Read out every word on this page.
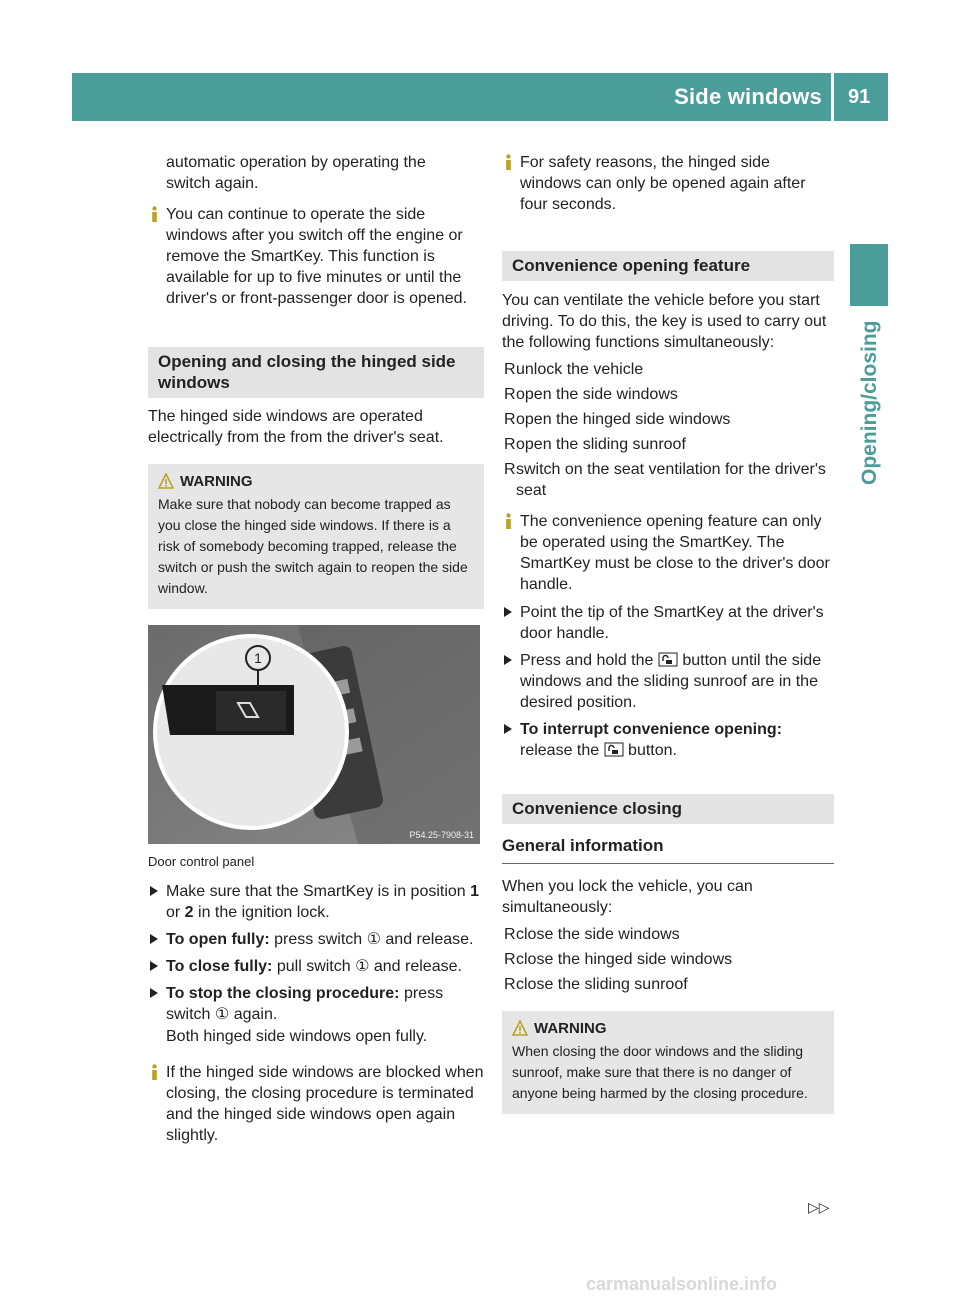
Side windows 91
Opening/closing

automatic operation by operating the

switch again.

You can continue to operate the side windows after you switch off the engine or remove the SmartKey. This function is available for up to five minutes or until the driver's or front-passenger door is opened.
Opening and closing the hinged side windows

The hinged side windows are operated electrically from the from the driver's seat.

WARNING
Make sure that nobody can become trapped as you close the hinged side windows. If there is a risk of somebody becoming trapped, release the switch or push the switch again to reopen the side window.
1
P54.25-7908-31
Door control panel
Make sure that the SmartKey is in position 1 or 2 in the ignition lock.
To open fully: press switch ① and release.
To close fully: pull switch ① and release.
To stop the closing procedure: press switch ① again.

Both hinged side windows open fully.

If the hinged side windows are blocked when closing, the closing procedure is terminated and the hinged side windows open again slightly.
For safety reasons, the hinged side windows can only be opened again after four seconds.
Convenience opening feature

You can ventilate the vehicle before you start driving. To do this, the key is used to carry out the following functions simultaneously:

R unlock the vehicle
R open the side windows
R open the hinged side windows
R open the sliding sunroof
R switch on the seat ventilation for the driver's seat
The convenience opening feature can only be operated using the SmartKey. The SmartKey must be close to the driver's door handle.
Point the tip of the SmartKey at the driver's door handle.
Press and hold the  button until the side windows and the sliding sunroof are in the desired position.
To interrupt convenience opening:
release the  button.
Convenience closing
General information

When you lock the vehicle, you can simultaneously:

R close the side windows
R close the hinged side windows
R close the sliding sunroof
WARNING
When closing the door windows and the sliding sunroof, make sure that there is no danger of anyone being harmed by the closing procedure.
▷▷
carmanualsonline.info
